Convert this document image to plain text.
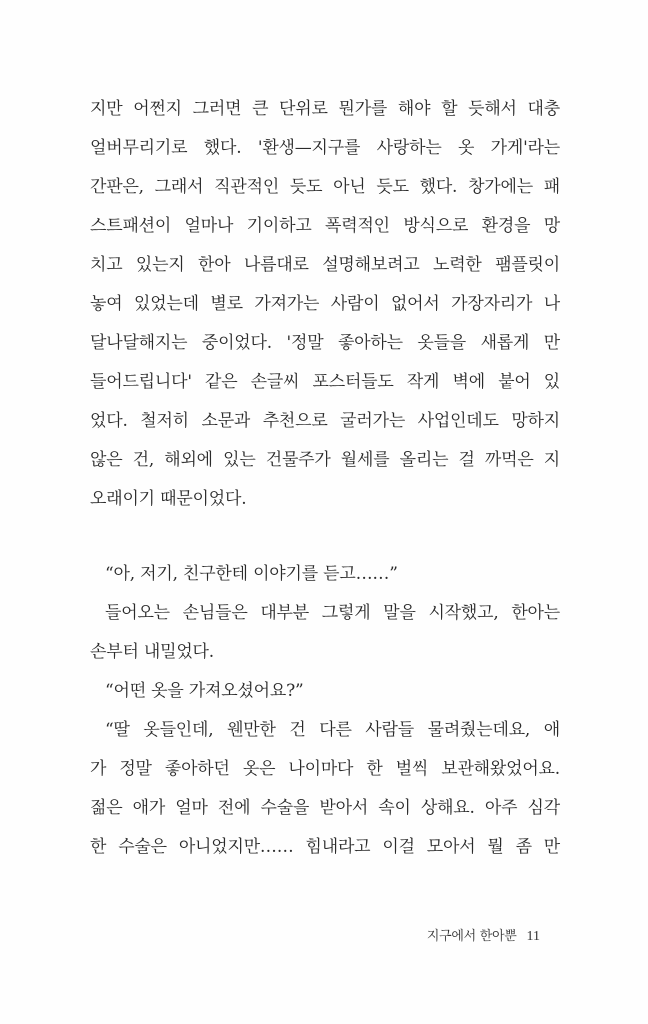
지만 어쩐지 그러면 큰 단위로 뭔가를 해야 할 듯해서 대충
얼버무리기로 했다. '환생—지구를 사랑하는 옷 가게'라는
간판은, 그래서 직관적인 듯도 아닌 듯도 했다. 창가에는 패
스트패션이 얼마나 기이하고 폭력적인 방식으로 환경을 망
치고 있는지 한아 나름대로 설명해보려고 노력한 팸플릿이
놓여 있었는데 별로 가져가는 사람이 없어서 가장자리가 나
달나달해지는 중이었다. '정말 좋아하는 옷들을 새롭게 만
들어드립니다' 같은 손글씨 포스터들도 작게 벽에 붙어 있
었다. 철저히 소문과 추천으로 굴러가는 사업인데도 망하지
않은 건, 해외에 있는 건물주가 월세를 올리는 걸 까먹은 지
오래이기 때문이었다.
“아, 저기, 친구한테 이야기를 듣고……”
들어오는 손님들은 대부분 그렇게 말을 시작했고, 한아는
손부터 내밀었다.
“어떤 옷을 가져오셨어요?”
“딸 옷들인데, 웬만한 건 다른 사람들 물려줬는데요, 애
가 정말 좋아하던 옷은 나이마다 한 벌씩 보관해왔었어요.
젊은 애가 얼마 전에 수술을 받아서 속이 상해요. 아주 심각
한 수술은 아니었지만…… 힘내라고 이걸 모아서 뭘 좀 만
지구에서 한아뿐 11
